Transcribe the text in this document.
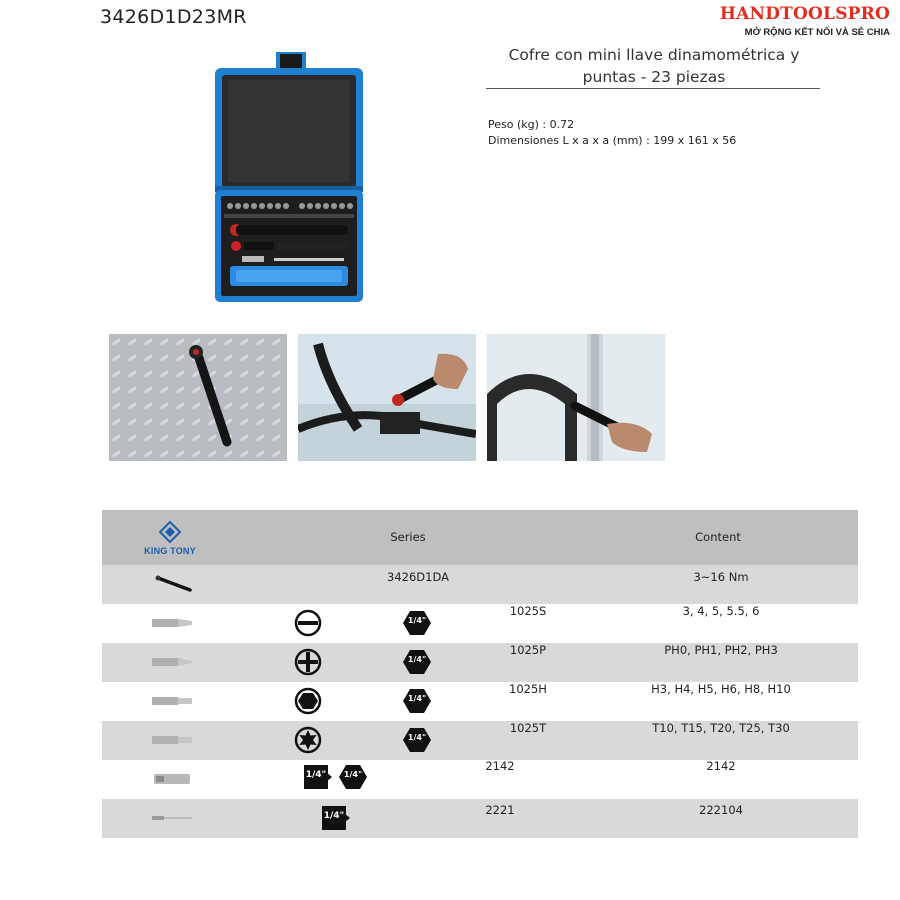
3426D1D23MR	HANDTOOLSPRO
MỞ RỘNG KẾT NỐI VÀ SẺ CHIA
Cofre con mini llave dinamométrica y
puntas - 23 piezas
Peso (kg) : 0.72
Dimensiones L x a x a (mm) : 199 x 161 x 56
KING TONY
Series	Content
3426D1DA	3~16 Nm
1/4"
1025S	3, 4, 5, 5.5, 6
1/4"
1025P	PH0, PH1, PH2, PH3
1/4"
1025H	H3, H4, H5, H6, H8, H10
1/4"
1025T	T10, T15, T20, T25, T30
1/4" 1/4"
2142	2142
1/4"	2221	222104
